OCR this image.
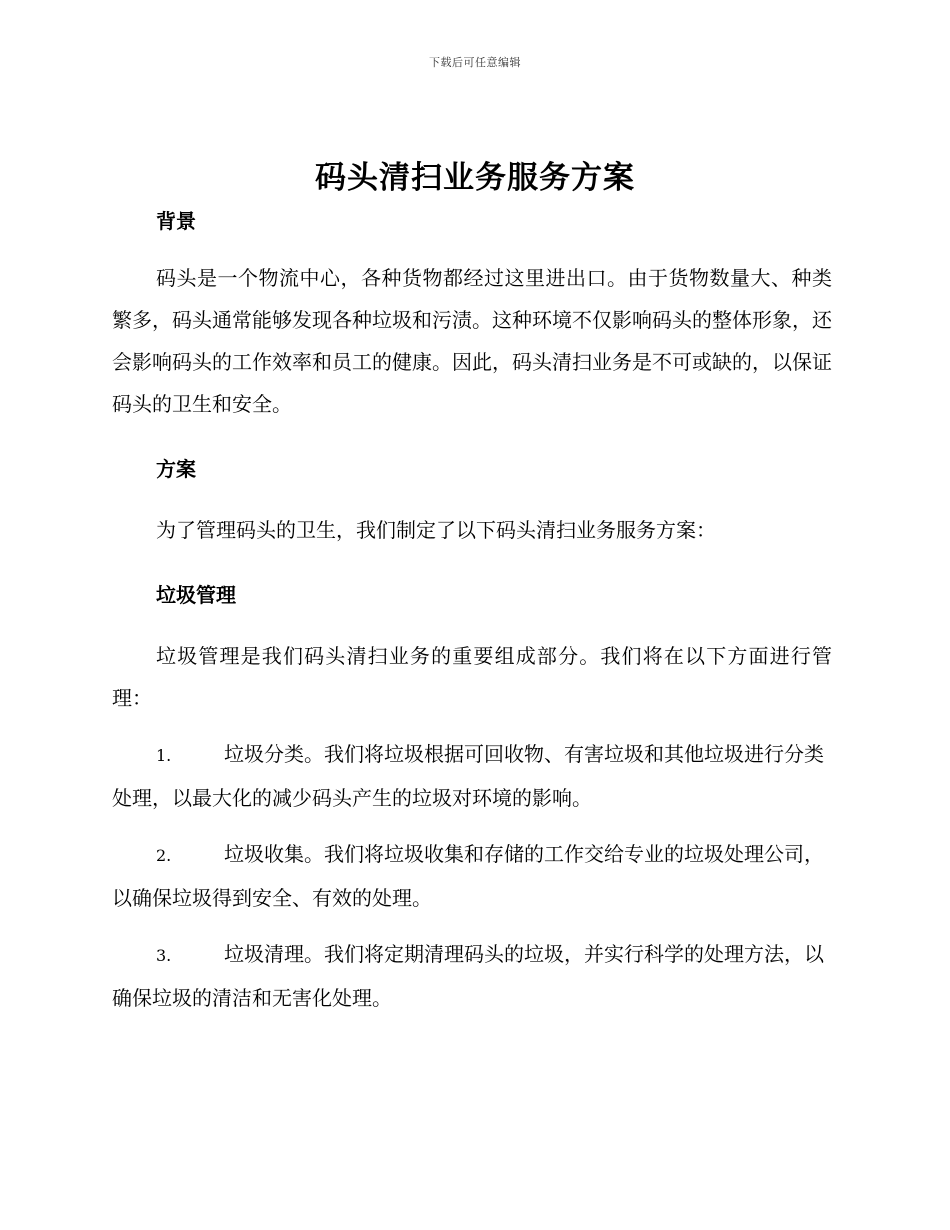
下载后可任意编辑
码头清扫业务服务方案

背景

码头是一个物流中心，各种货物都经过这里进出口。由于货物数量大、种类繁多，码头通常能够发现各种垃圾和污渍。这种环境不仅影响码头的整体形象，还会影响码头的工作效率和员工的健康。因此，码头清扫业务是不可或缺的，以保证码头的卫生和安全。

方案

为了管理码头的卫生，我们制定了以下码头清扫业务服务方案：

垃圾管理

垃圾管理是我们码头清扫业务的重要组成部分。我们将在以下方面进行管理：

1.	垃圾分类。我们将垃圾根据可回收物、有害垃圾和其他垃圾进行分类处理，以最大化的减少码头产生的垃圾对环境的影响。

2.	垃圾收集。我们将垃圾收集和存储的工作交给专业的垃圾处理公司，以确保垃圾得到安全、有效的处理。

3.	垃圾清理。我们将定期清理码头的垃圾，并实行科学的处理方法，以确保垃圾的清洁和无害化处理。
